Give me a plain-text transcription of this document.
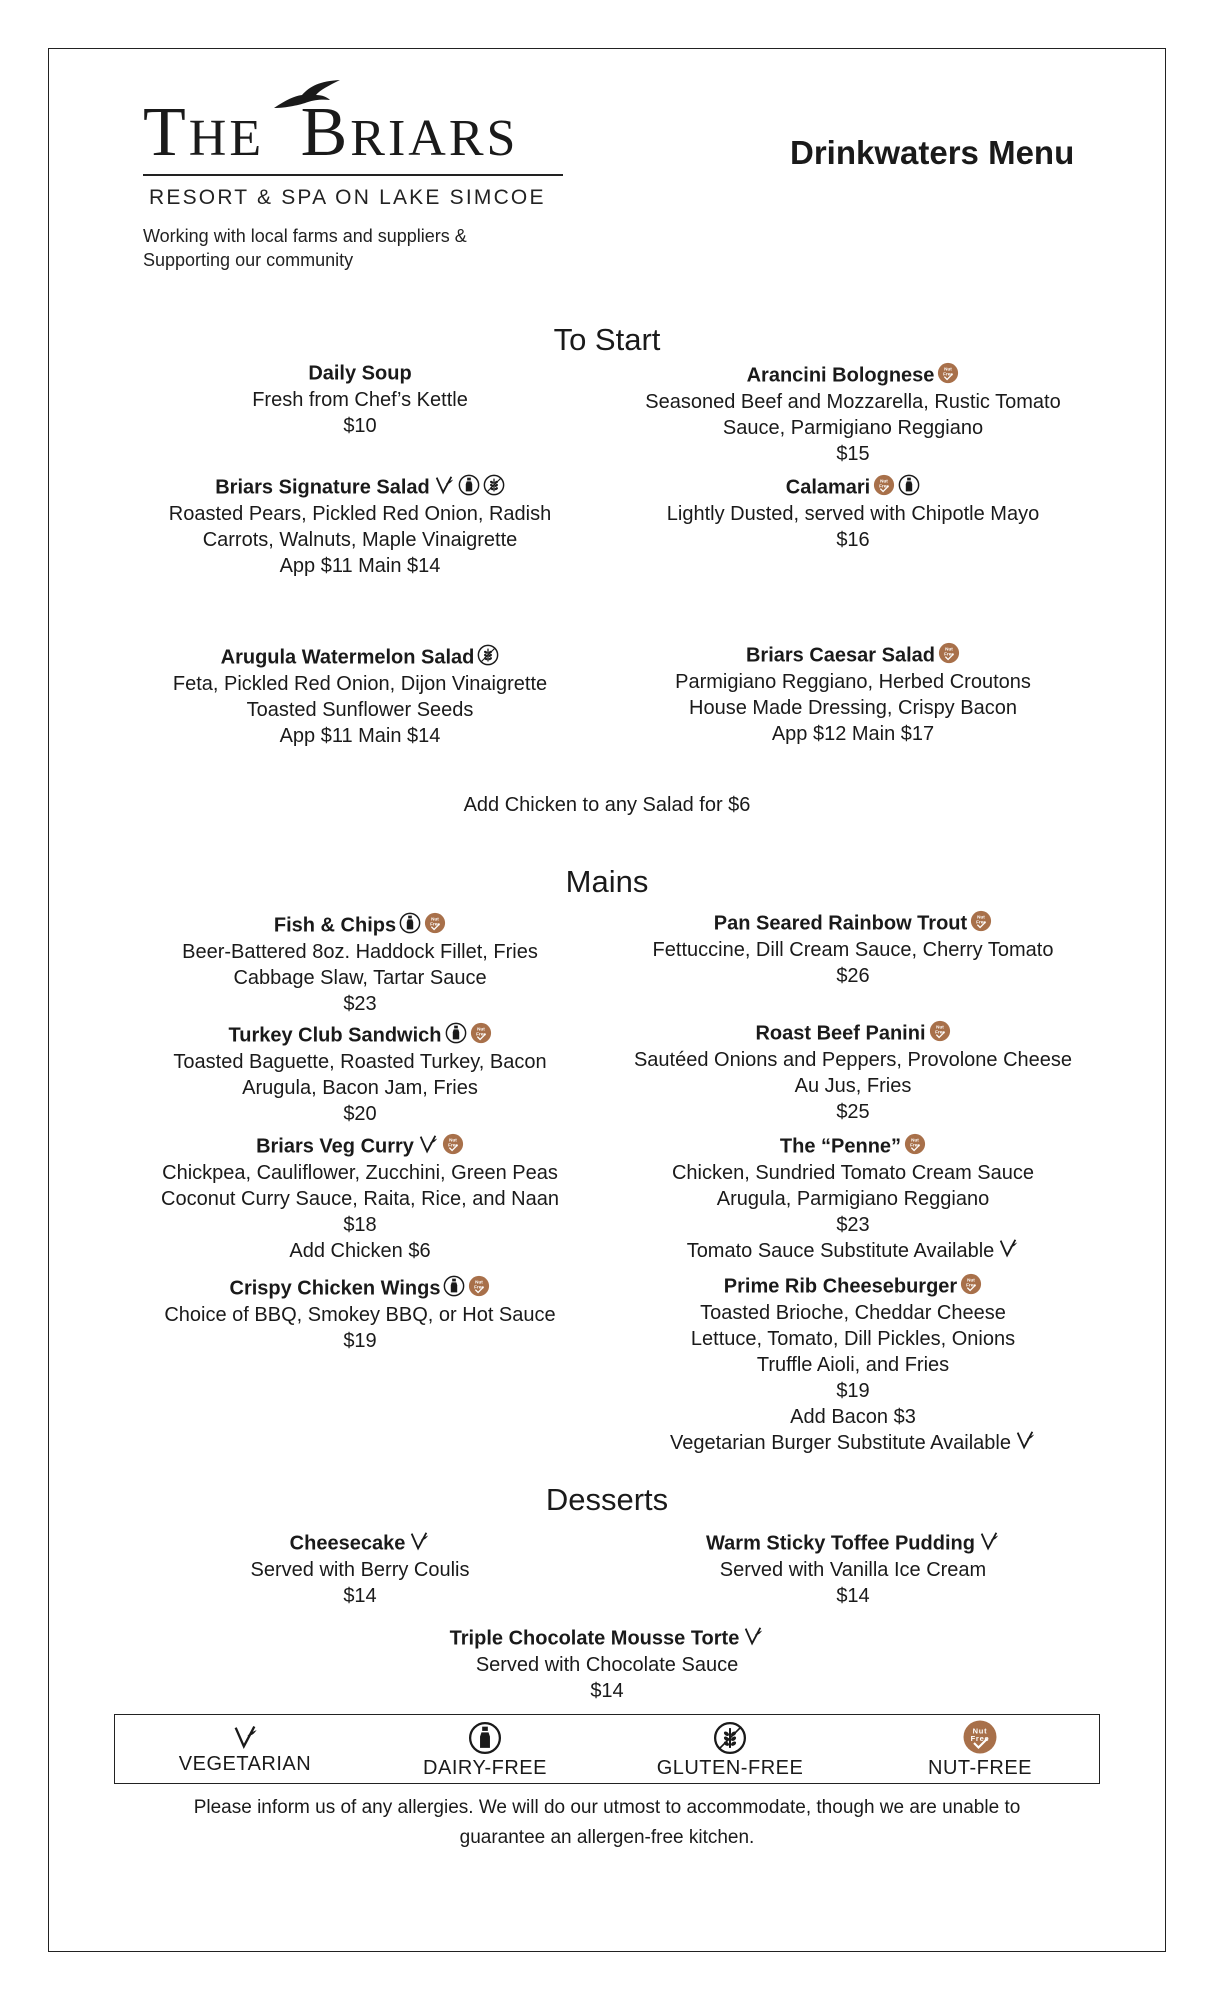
THE BRIARS
RESORT & SPA ON LAKE SIMCOE
Working with local farms and suppliers &
Supporting our community
Drinkwaters Menu
To Start
Daily Soup
Fresh from Chef’s Kettle
$10
Arancini Bolognese
Seasoned Beef and Mozzarella, Rustic Tomato
Sauce, Parmigiano Reggiano
$15
Briars Signature Salad
Roasted Pears, Pickled Red Onion, Radish
Carrots, Walnuts, Maple Vinaigrette
App $11 Main $14
Calamari
Lightly Dusted, served with Chipotle Mayo
$16
Arugula Watermelon Salad
Feta, Pickled Red Onion, Dijon Vinaigrette
Toasted Sunflower Seeds
App $11 Main $14
Briars Caesar Salad
Parmigiano Reggiano, Herbed Croutons
House Made Dressing, Crispy Bacon
App $12 Main $17
Add Chicken to any Salad for $6
Mains
Fish & Chips
Beer-Battered 8oz. Haddock Fillet, Fries
Cabbage Slaw, Tartar Sauce
$23
Pan Seared Rainbow Trout
Fettuccine, Dill Cream Sauce, Cherry Tomato
$26
Turkey Club Sandwich
Toasted Baguette, Roasted Turkey, Bacon
Arugula, Bacon Jam, Fries
$20
Roast Beef Panini
Sautéed Onions and Peppers, Provolone Cheese
Au Jus, Fries
$25
Briars Veg Curry
Chickpea, Cauliflower, Zucchini, Green Peas
Coconut Curry Sauce, Raita, Rice, and Naan
$18
Add Chicken $6
The “Penne”
Chicken, Sundried Tomato Cream Sauce
Arugula, Parmigiano Reggiano
$23
Tomato Sauce Substitute Available
Crispy Chicken Wings
Choice of BBQ, Smokey BBQ, or Hot Sauce
$19
Prime Rib Cheeseburger
Toasted Brioche, Cheddar Cheese
Lettuce, Tomato, Dill Pickles, Onions
Truffle Aioli, and Fries
$19
Add Bacon $3
Vegetarian Burger Substitute Available
Desserts
Cheesecake
Served with Berry Coulis
$14
Warm Sticky Toffee Pudding
Served with Vanilla Ice Cream
$14
Triple Chocolate Mousse Torte
Served with Chocolate Sauce
$14
VEGETARIAN	DAIRY-FREE	GLUTEN-FREE
Nut
Free
NUT-FREE
Please inform us of any allergies. We will do our utmost to accommodate, though we are unable to
guarantee an allergen-free kitchen.
